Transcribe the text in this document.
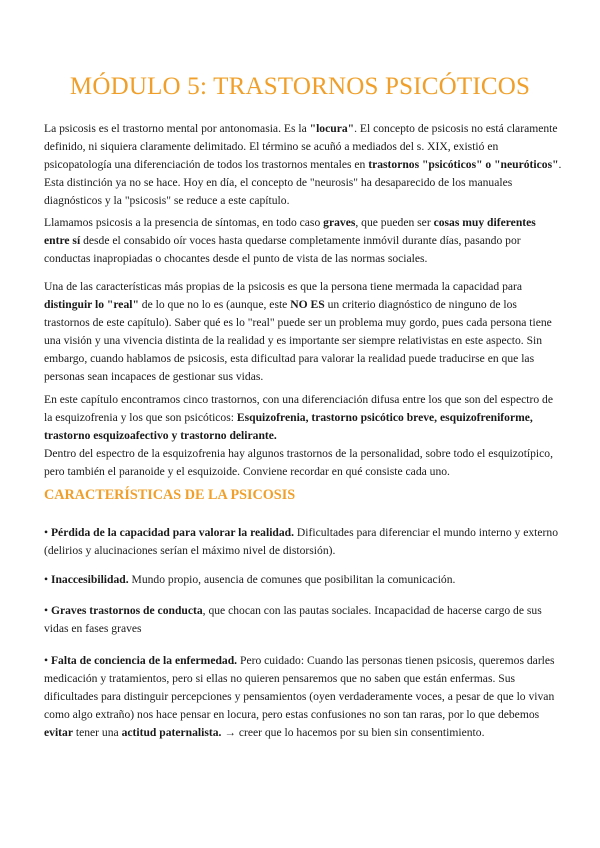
MÓDULO 5: TRASTORNOS PSICÓTICOS

La psicosis es el trastorno mental por antonomasia. Es la "locura". El concepto de psicosis no está claramente definido, ni siquiera claramente delimitado. El término se acuñó a mediados del s. XIX, existió en psicopatología una diferenciación de todos los trastornos mentales en trastornos "psicóticos" o "neuróticos". Esta distinción ya no se hace. Hoy en día, el concepto de "neurosis" ha desaparecido de los manuales diagnósticos y la "psicosis" se reduce a este capítulo.

Llamamos psicosis a la presencia de síntomas, en todo caso graves, que pueden ser cosas muy diferentes entre sí desde el consabido oír voces hasta quedarse completamente inmóvil durante días, pasando por conductas inapropiadas o chocantes desde el punto de vista de las normas sociales.

Una de las características más propias de la psicosis es que la persona tiene mermada la capacidad para distinguir lo "real" de lo que no lo es (aunque, este NO ES un criterio diagnóstico de ninguno de los trastornos de este capítulo). Saber qué es lo "real" puede ser un problema muy gordo, pues cada persona tiene una visión y una vivencia distinta de la realidad y es importante ser siempre relativistas en este aspecto. Sin embargo, cuando hablamos de psicosis, esta dificultad para valorar la realidad puede traducirse en que las personas sean incapaces de gestionar sus vidas.

En este capítulo encontramos cinco trastornos, con una diferenciación difusa entre los que son del espectro de la esquizofrenia y los que son psicóticos: Esquizofrenia, trastorno psicótico breve, esquizofreniforme, trastorno esquizoafectivo y trastorno delirante.
Dentro del espectro de la esquizofrenia hay algunos trastornos de la personalidad, sobre todo el esquizotípico, pero también el paranoide y el esquizoide. Conviene recordar en qué consiste cada uno.

CARACTERÍSTICAS DE LA PSICOSIS

• Pérdida de la capacidad para valorar la realidad. Dificultades para diferenciar el mundo interno y externo (delirios y alucinaciones serían el máximo nivel de distorsión).

• Inaccesibilidad. Mundo propio, ausencia de comunes que posibilitan la comunicación.

• Graves trastornos de conducta, que chocan con las pautas sociales. Incapacidad de hacerse cargo de sus vidas en fases graves

• Falta de conciencia de la enfermedad. Pero cuidado: Cuando las personas tienen psicosis, queremos darles medicación y tratamientos, pero si ellas no quieren pensaremos que no saben que están enfermas. Sus dificultades para distinguir percepciones y pensamientos (oyen verdaderamente voces, a pesar de que lo vivan como algo extraño) nos hace pensar en locura, pero estas confusiones no son tan raras, por lo que debemos evitar tener una actitud paternalista. → creer que lo hacemos por su bien sin consentimiento.
